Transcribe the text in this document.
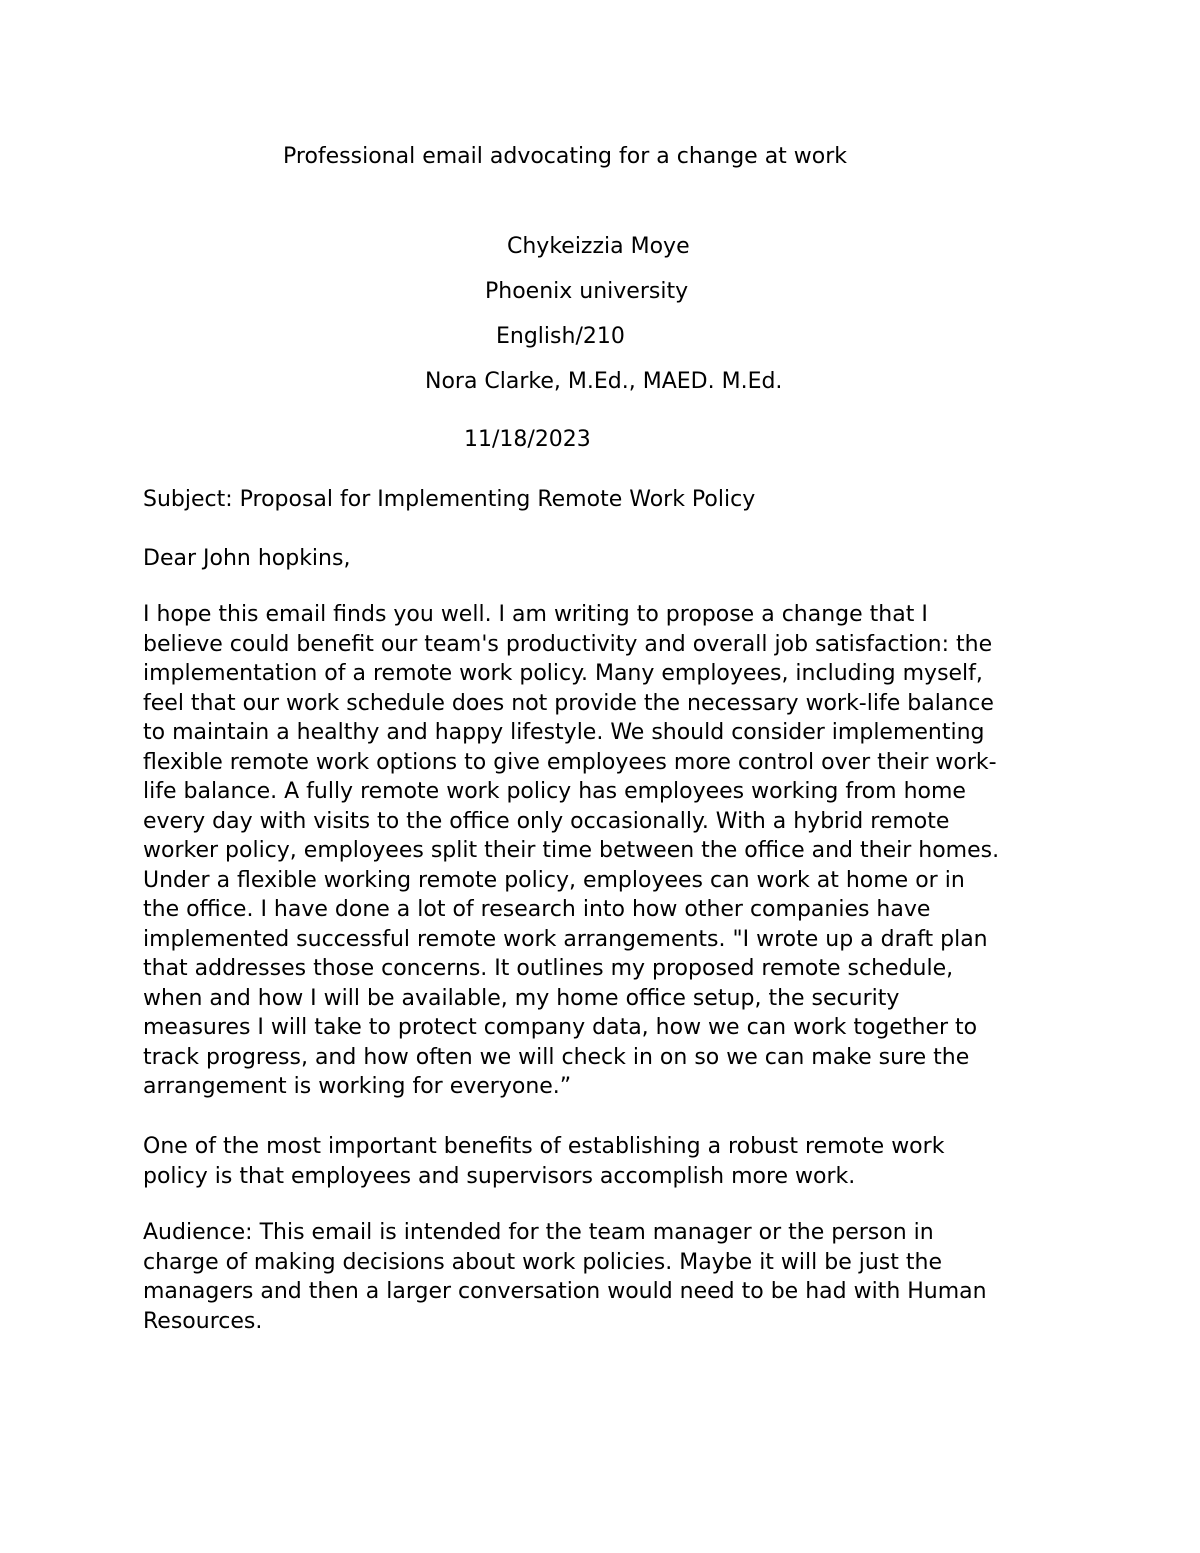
Professional email advocating for a change at work
Chykeizzia Moye
Phoenix university
English/210
Nora Clarke, M.Ed., MAED. M.Ed.
11/18/2023
Subject: Proposal for Implementing Remote Work Policy
Dear John hopkins,
I hope this email finds you well. I am writing to propose a change that I
believe could benefit our team's productivity and overall job satisfaction: the
implementation of a remote work policy. Many employees, including myself,
feel that our work schedule does not provide the necessary work-life balance
to maintain a healthy and happy lifestyle. We should consider implementing
flexible remote work options to give employees more control over their work-
life balance. A fully remote work policy has employees working from home
every day with visits to the office only occasionally. With a hybrid remote
worker policy, employees split their time between the office and their homes.
Under a flexible working remote policy, employees can work at home or in
the office. I have done a lot of research into how other companies have
implemented successful remote work arrangements. "I wrote up a draft plan
that addresses those concerns. It outlines my proposed remote schedule,
when and how I will be available, my home office setup, the security
measures I will take to protect company data, how we can work together to
track progress, and how often we will check in on so we can make sure the
arrangement is working for everyone.”
One of the most important benefits of establishing a robust remote work
policy is that employees and supervisors accomplish more work.
Audience: This email is intended for the team manager or the person in
charge of making decisions about work policies. Maybe it will be just the
managers and then a larger conversation would need to be had with Human
Resources.
